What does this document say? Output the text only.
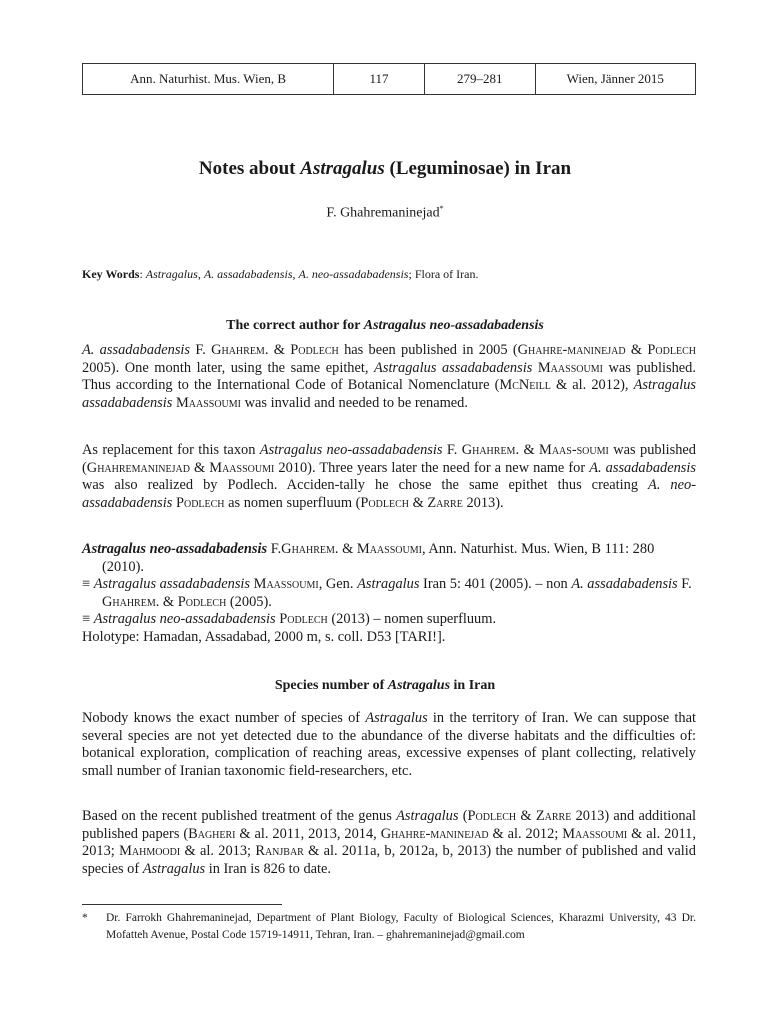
Ann. Naturhist. Mus. Wien, B	117	279–281	Wien, Jänner 2015
Notes about Astragalus (Leguminosae) in Iran
F. Ghahremaninejad*
Key Words: Astragalus, A. assadabadensis, A. neo-assadabadensis; Flora of Iran.
The correct author for Astragalus neo-assadabadensis
A. assadabadensis F. Ghahrem. & Podlech has been published in 2005 (Ghahre-maninejad & Podlech 2005). One month later, using the same epithet, Astragalus assadabadensis Maassoumi was published. Thus according to the International Code of Botanical Nomenclature (McNeill & al. 2012), Astragalus assadabadensis Maassoumi was invalid and needed to be renamed.
As replacement for this taxon Astragalus neo-assadabadensis F. Ghahrem. & Maas-soumi was published (Ghahremaninejad & Maassoumi 2010). Three years later the need for a new name for A. assadabadensis was also realized by Podlech. Acciden-tally he chose the same epithet thus creating A. neo-assadabadensis Podlech as nomen superfluum (Podlech & Zarre 2013).
Astragalus neo-assadabadensis F.Ghahrem. & Maassoumi, Ann. Naturhist. Mus. Wien, B 111: 280 (2010).
≡ Astragalus assadabadensis Maassoumi, Gen. Astragalus Iran 5: 401 (2005). – non A. assadabadensis F. Ghahrem. & Podlech (2005).
≡ Astragalus neo-assadabadensis Podlech (2013) – nomen superfluum.
Holotype: Hamadan, Assadabad, 2000 m, s. coll. D53 [TARI!].
Species number of Astragalus in Iran
Nobody knows the exact number of species of Astragalus in the territory of Iran. We can suppose that several species are not yet detected due to the abundance of the diverse habitats and the difficulties of: botanical exploration, complication of reaching areas, excessive expenses of plant collecting, relatively small number of Iranian taxonomic field-researchers, etc.
Based on the recent published treatment of the genus Astragalus (Podlech & Zarre 2013) and additional published papers (Bagheri & al. 2011, 2013, 2014, Ghahre-maninejad & al. 2012; Maassoumi & al. 2011, 2013; Mahmoodi & al. 2013; Ranjbar & al. 2011a, b, 2012a, b, 2013) the number of published and valid species of Astragalus in Iran is 826 to date.
* Dr. Farrokh Ghahremaninejad, Department of Plant Biology, Faculty of Biological Sciences, Kharazmi University, 43 Dr. Mofatteh Avenue, Postal Code 15719-14911, Tehran, Iran. – ghahremaninejad@gmail.com
